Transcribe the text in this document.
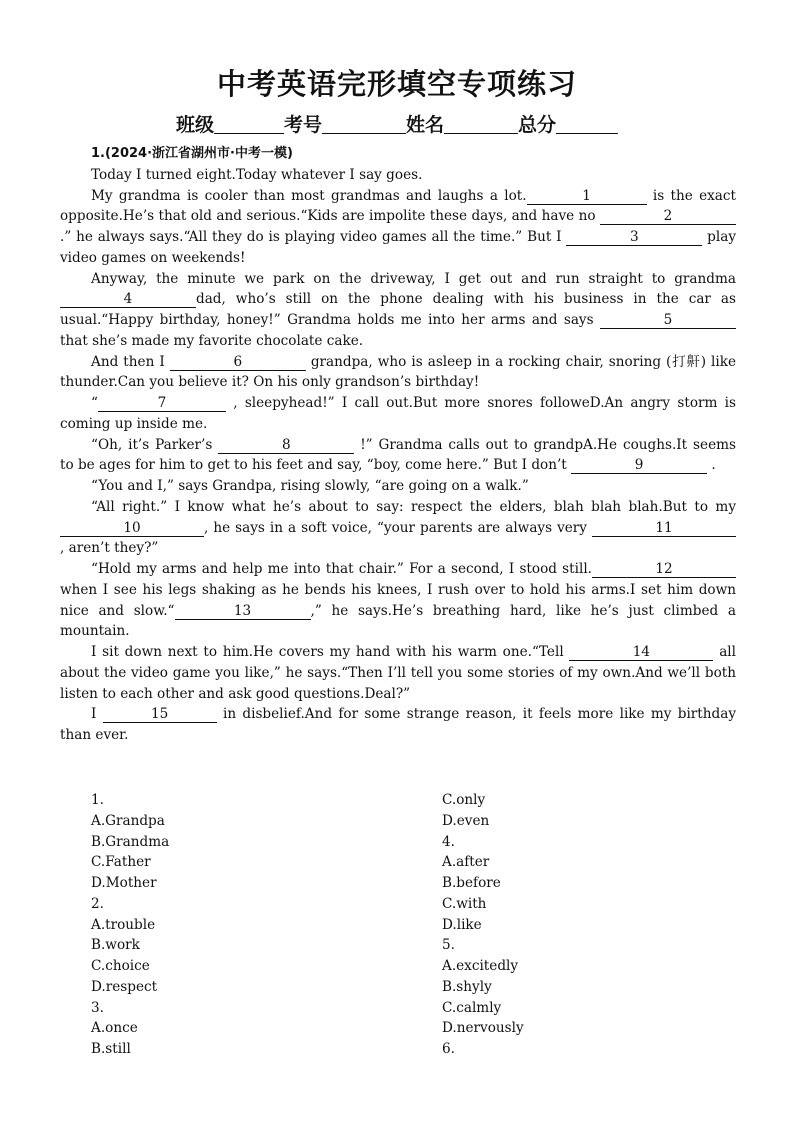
中考英语完形填空专项练习
班级	考号	姓名	总分

1.(2024·浙江省湖州市·中考一模)

Today I turned eight.Today whatever I say goes.

My grandma is cooler than most grandmas and laughs a lot.	1	is the exact opposite.He’s that old and serious.“Kids are impolite these days, and have no	2.” he always says.“All they do is playing video games all the time.” But I	3	play video games on weekends!

Anyway, the minute we park on the driveway, I get out and run straight to grandma 4	dad, who’s still on the phone dealing with his business in the car as usual.“Happy birthday, honey!” Grandma holds me into her arms and says	5 that she’s made my favorite chocolate cake.

And then I	6	grandpa, who is asleep in a rocking chair, snoring (打鼾) like thunder.Can you believe it? On his only grandson’s birthday!

“	7	, sleepyhead!” I call out.But more snores followeD.An angry storm is coming up inside me.

“Oh, it’s Parker’s	8	!” Grandma calls out to grandpA.He coughs.It seems to be ages for him to get to his feet and say, “boy, come here.” But I don’t	9	.

“You and I,” says Grandpa, rising slowly, “are going on a walk.”

“All right.” I know what he’s about to say: respect the elders, blah blah blah.But to my 10	, he says in a soft voice, “your parents are always very	11 , aren’t they?”

“Hold my arms and help me into that chair.” For a second, I stood still.	12 when I see his legs shaking as he bends his knees, I rush over to hold his arms.I set him down nice and slow.“	13	,” he says.He’s breathing hard, like he’s just climbed a mountain.

I sit down next to him.He covers my hand with his warm one.“Tell	14	all about the video game you like,” he says.“Then I’ll tell you some stories of my own.And we’ll both listen to each other and ask good questions.Deal?”

I	15	in disbelief.And for some strange reason, it feels more like my birthday than ever.

1.
A.Grandpa
B.Grandma
C.Father
D.Mother
2.
A.trouble
B.work
C.choice
D.respect
3.
A.once
B.still
C.only
D.even
4.
A.after
B.before
C.with
D.like
5.
A.excitedly
B.shyly
C.calmly
D.nervously
6.
